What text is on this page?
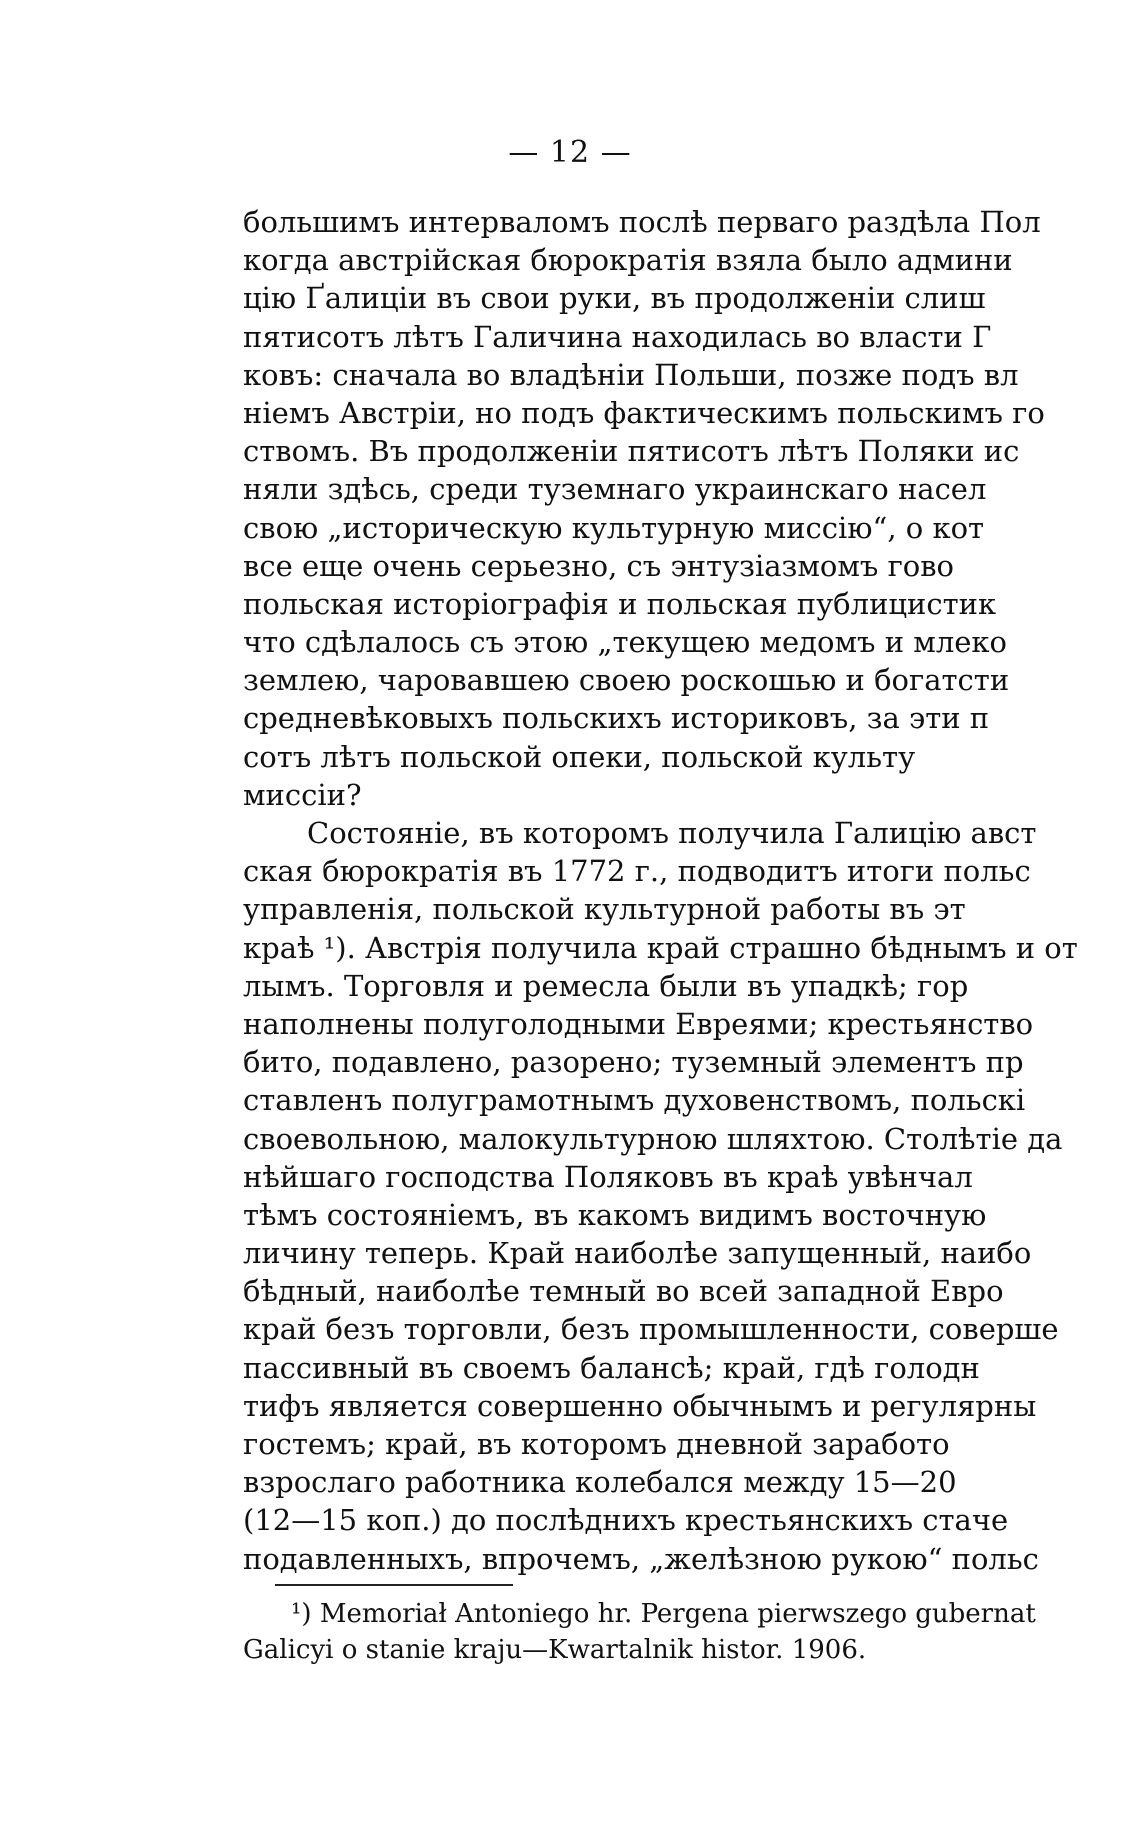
— 12 —
большимъ интерваломъ послѣ перваго раздѣла Пол
когда австрійская бюрократія взяла было админи
цію Ґалиціи въ свои руки, въ продолженіи слиш
пятисотъ лѣтъ Галичина находилась во власти Г
ковъ: сначала во владѣніи Польши, позже подъ вл
ніемъ Австріи, но подъ фактическимъ польскимъ го
ствомъ. Въ продолженіи пятисотъ лѣтъ Поляки ис
няли здѣсь, среди туземнаго украинскаго насел
свою „историческую культурную миссію“, о кот
все еще очень серьезно, съ энтузіазмомъ гово
польская исторіографія и польская публицистик
что сдѣлалось съ этою „текущею медомъ и млеко
землею, чаровавшею своею роскошью и богатсти
средневѣковыхъ польскихъ историковъ, за эти п
сотъ лѣтъ польской опеки, польской культу
миссіи?
Состояніе, въ которомъ получила Галицію авст
ская бюрократія въ 1772 г., подводитъ итоги польс
управленія, польской культурной работы въ эт
краѣ ¹). Австрія получила край страшно бѣднымъ и от
лымъ. Торговля и ремесла были въ упадкѣ; гор
наполнены полуголодными Евреями; крестьянство
бито, подавлено, разорено; туземный элементъ пр
ставленъ полуграмотнымъ духовенствомъ, польскі
своевольною, малокультурною шляхтою. Столѣтіе да
нѣйшаго господства Поляковъ въ краѣ увѣнчал
тѣмъ состояніемъ, въ какомъ видимъ восточную
личину теперь. Край наиболѣе запущенный, наибо
бѣдный, наиболѣе темный во всей западной Евро
край безъ торговли, безъ промышленности, соверше
пассивный въ своемъ балансѣ; край, гдѣ голодн
тифъ является совершенно обычнымъ и регулярны
гостемъ; край, въ которомъ дневной заработо
взрослаго работника колебался между 15—20
(12—15 коп.) до послѣднихъ крестьянскихъ стаче
подавленныхъ, впрочемъ, „желѣзною рукою“ польс
¹) Memoriał Antoniego hr. Pergena pierwszego gubernat
Galicyi o stanie kraju—Kwartalnik histor. 1906.
